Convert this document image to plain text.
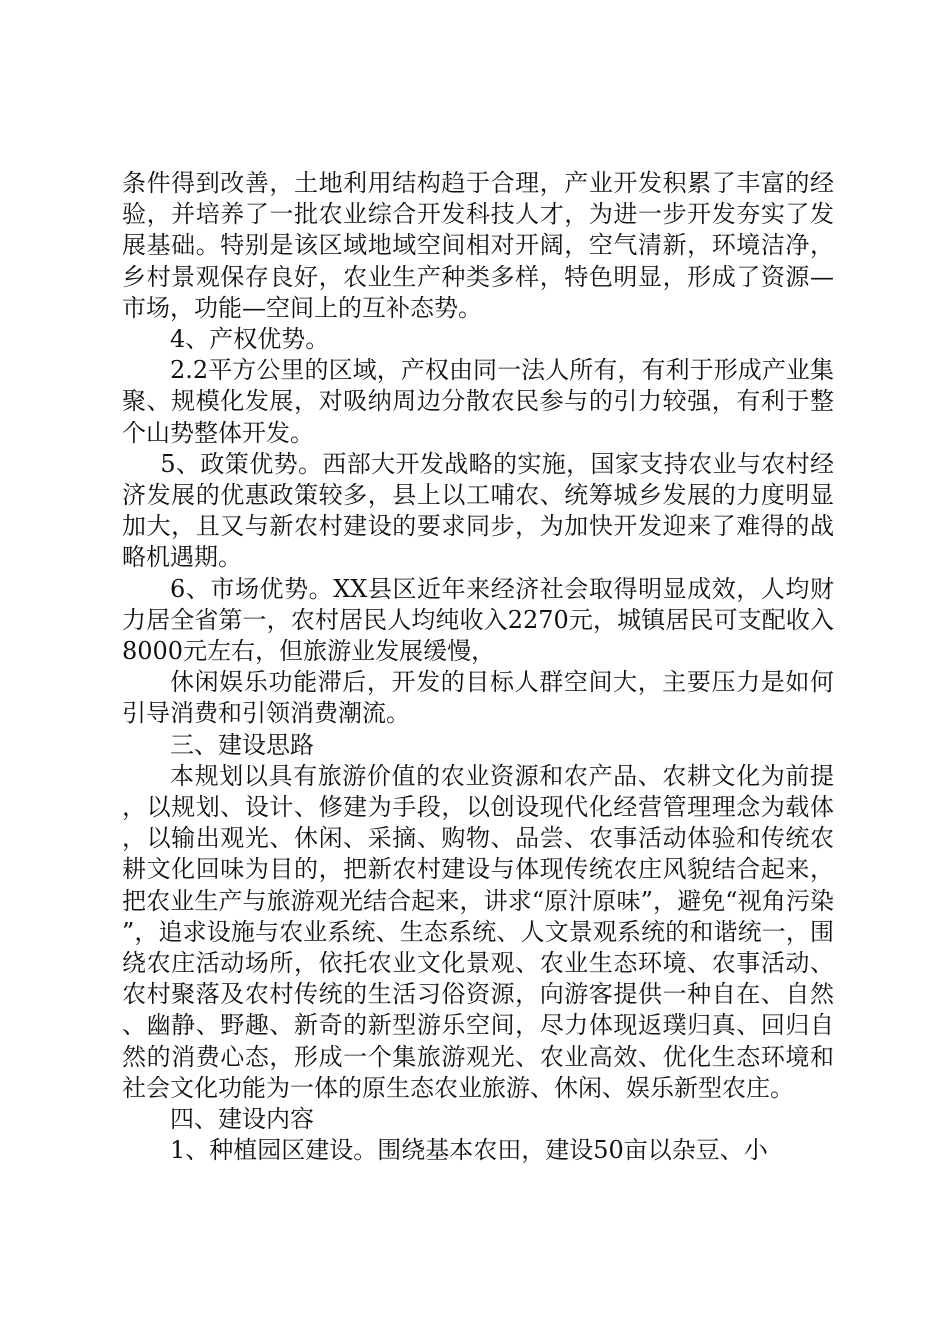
条件得到改善，土地利用结构趋于合理，产业开发积累了丰富的经验，并培养了一批农业综合开发科技人才，为进一步开发夯实了发展基础。特别是该区域地域空间相对开阔，空气清新，环境洁净，乡村景观保存良好，农业生产种类多样，特色明显，形成了资源—市场，功能—空间上的互补态势。

4、产权优势。

2.2平方公里的区域，产权由同一法人所有，有利于形成产业集聚、规模化发展，对吸纳周边分散农民参与的引力较强，有利于整个山势整体开发。

5、政策优势。西部大开发战略的实施，国家支持农业与农村经济发展的优惠政策较多，县上以工哺农、统筹城乡发展的力度明显加大，且又与新农村建设的要求同步，为加快开发迎来了难得的战略机遇期。

6、市场优势。XX县区近年来经济社会取得明显成效，人均财力居全省第一，农村居民人均纯收入2270元，城镇居民可支配收入8000元左右，但旅游业发展缓慢，

休闲娱乐功能滞后，开发的目标人群空间大，主要压力是如何引导消费和引领消费潮流。

三、建设思路

本规划以具有旅游价值的农业资源和农产品、农耕文化为前提，以规划、设计、修建为手段，以创设现代化经营管理理念为载体，以输出观光、休闲、采摘、购物、品尝、农事活动体验和传统农耕文化回味为目的，把新农村建设与体现传统农庄风貌结合起来，把农业生产与旅游观光结合起来，讲求“原汁原味”，避免“视角污染”，追求设施与农业系统、生态系统、人文景观系统的和谐统一，围绕农庄活动场所，依托农业文化景观、农业生态环境、农事活动、农村聚落及农村传统的生活习俗资源，向游客提供一种自在、自然、幽静、野趣、新奇的新型游乐空间，尽力体现返璞归真、回归自然的消费心态，形成一个集旅游观光、农业高效、优化生态环境和社会文化功能为一体的原生态农业旅游、休闲、娱乐新型农庄。

四、建设内容

1、种植园区建设。围绕基本农田，建设50亩以杂豆、小
